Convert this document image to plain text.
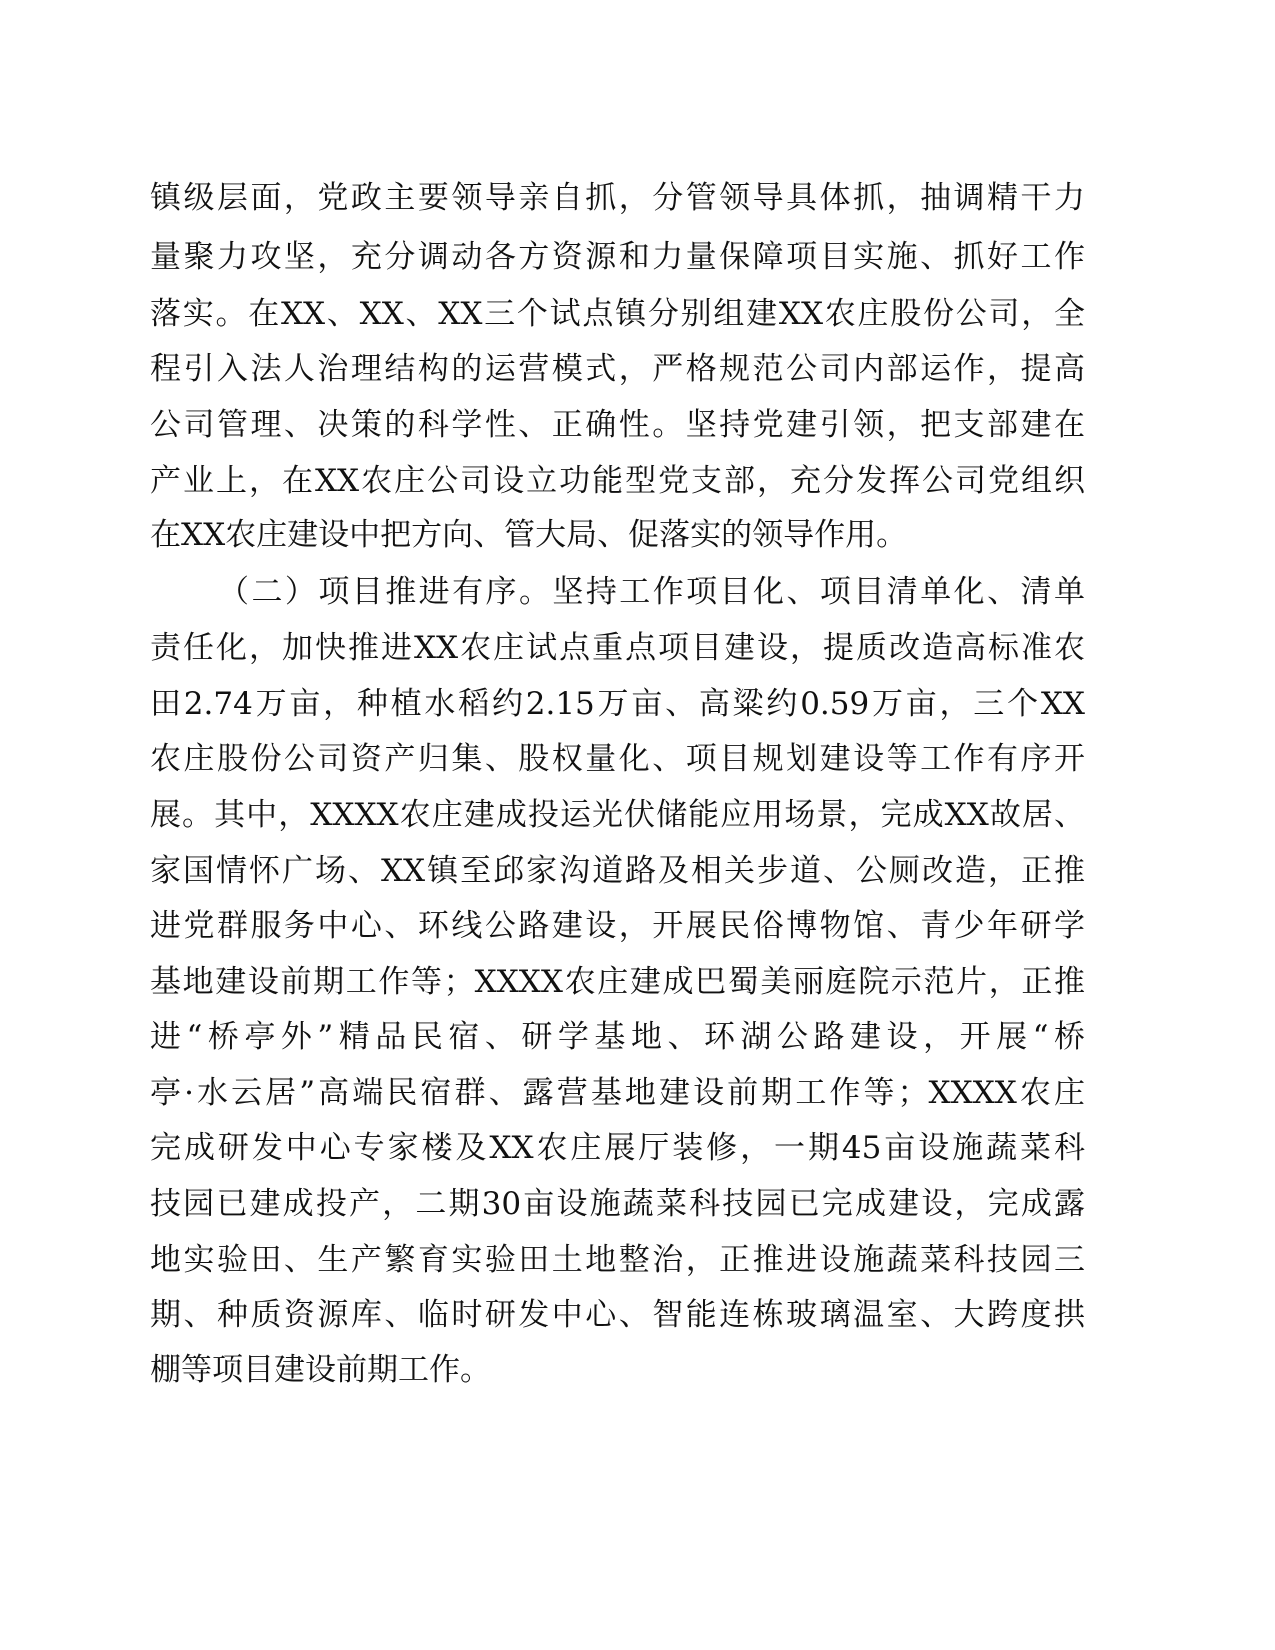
镇级层面，党政主要领导亲自抓，分管领导具体抓，抽调精干力
量聚力攻坚，充分调动各方资源和力量保障项目实施、抓好工作
落实。在XX、XX、XX三个试点镇分别组建XX农庄股份公司，全
程引入法人治理结构的运营模式，严格规范公司内部运作，提高
公司管理、决策的科学性、正确性。坚持党建引领，把支部建在
产业上，在XX农庄公司设立功能型党支部，充分发挥公司党组织
在XX农庄建设中把方向、管大局、促落实的领导作用。
（二）项目推进有序。坚持工作项目化、项目清单化、清单
责任化，加快推进XX农庄试点重点项目建设，提质改造高标准农
田2.74万亩，种植水稻约2.15万亩、高粱约0.59万亩，三个XX
农庄股份公司资产归集、股权量化、项目规划建设等工作有序开
展。其中，XXXX农庄建成投运光伏储能应用场景，完成XX故居、
家国情怀广场、XX镇至邱家沟道路及相关步道、公厕改造，正推
进党群服务中心、环线公路建设，开展民俗博物馆、青少年研学
基地建设前期工作等；XXXX农庄建成巴蜀美丽庭院示范片，正推
进“桥亭外”精品民宿、研学基地、环湖公路建设，开展“桥
亭·水云居”高端民宿群、露营基地建设前期工作等；XXXX农庄
完成研发中心专家楼及XX农庄展厅装修，一期45亩设施蔬菜科
技园已建成投产，二期30亩设施蔬菜科技园已完成建设，完成露
地实验田、生产繁育实验田土地整治，正推进设施蔬菜科技园三
期、种质资源库、临时研发中心、智能连栋玻璃温室、大跨度拱
棚等项目建设前期工作。
